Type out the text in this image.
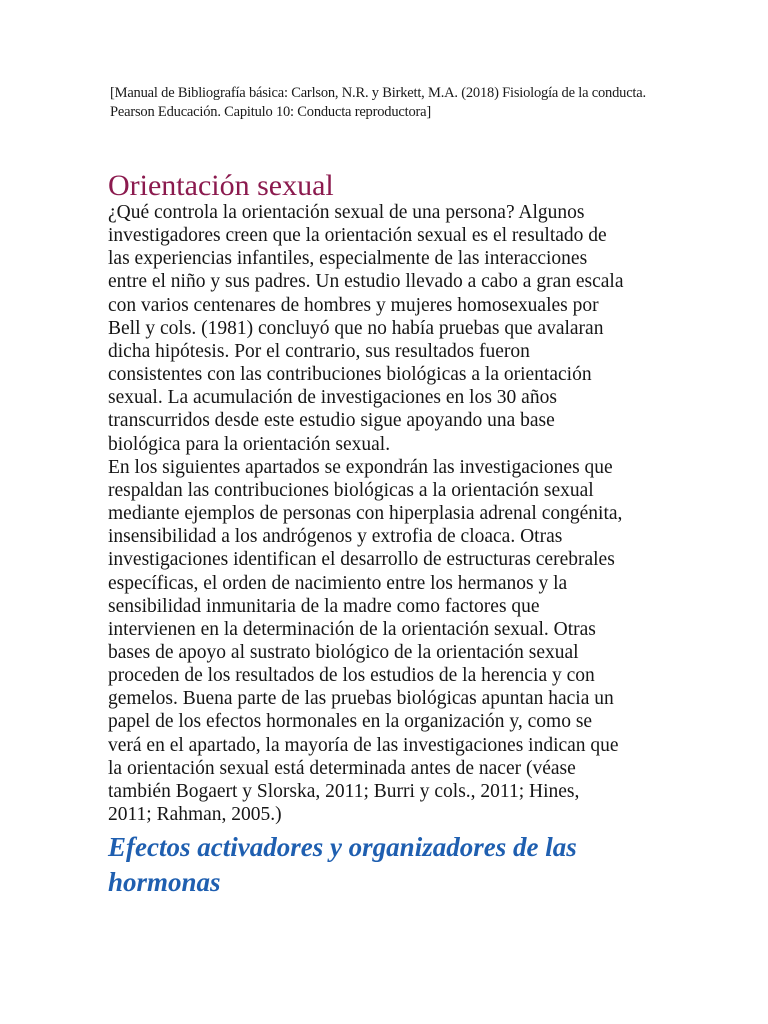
[Manual de Bibliografía básica: Carlson, N.R. y Birkett, M.A. (2018) Fisiología de la conducta.
Pearson Educación. Capitulo 10: Conducta reproductora]
Orientación sexual
¿Qué controla la orientación sexual de una persona? Algunos
investigadores creen que la orientación sexual es el resultado de
las experiencias infantiles, especialmente de las interacciones
entre el niño y sus padres. Un estudio llevado a cabo a gran escala
con varios centenares de hombres y mujeres homosexuales por
Bell y cols. (1981) concluyó que no había pruebas que avalaran
dicha hipótesis. Por el contrario, sus resultados fueron
consistentes con las contribuciones biológicas a la orientación
sexual. La acumulación de investigaciones en los 30 años
transcurridos desde este estudio sigue apoyando una base
biológica para la orientación sexual.
En los siguientes apartados se expondrán las investigaciones que
respaldan las contribuciones biológicas a la orientación sexual
mediante ejemplos de personas con hiperplasia adrenal congénita,
insensibilidad a los andrógenos y extrofia de cloaca. Otras
investigaciones identifican el desarrollo de estructuras cerebrales
específicas, el orden de nacimiento entre los hermanos y la
sensibilidad inmunitaria de la madre como factores que
intervienen en la determinación de la orientación sexual. Otras
bases de apoyo al sustrato biológico de la orientación sexual
proceden de los resultados de los estudios de la herencia y con
gemelos. Buena parte de las pruebas biológicas apuntan hacia un
papel de los efectos hormonales en la organización y, como se
verá en el apartado, la mayoría de las investigaciones indican que
la orientación sexual está determinada antes de nacer (véase
también Bogaert y Slorska, 2011; Burri y cols., 2011; Hines,
2011; Rahman, 2005.)
Efectos activadores y organizadores de las
hormonas
